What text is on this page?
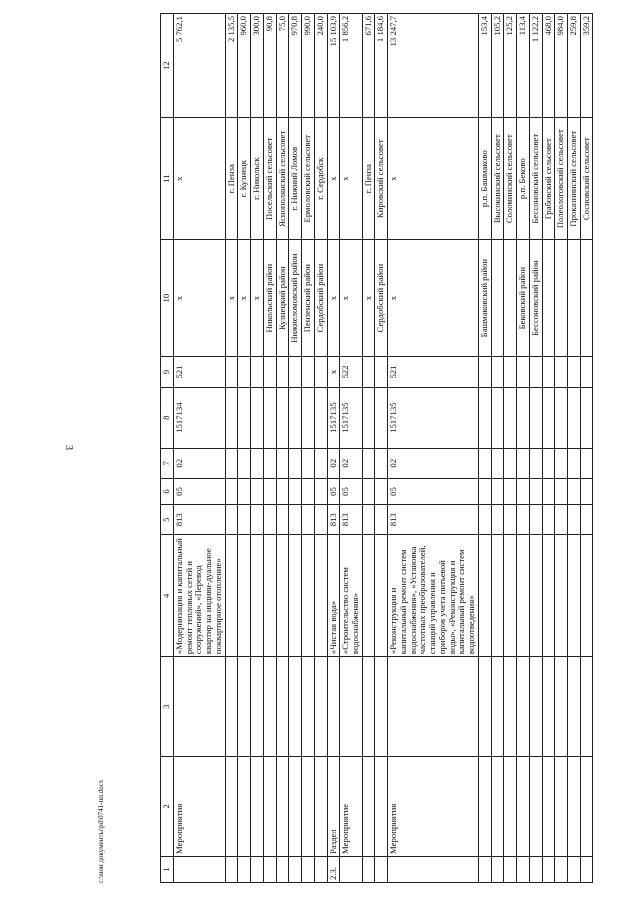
3
c:\мои документы\pd\0741-пп.docx	1	2	3	4	5	6	7	8	9	10	11	12
	Мероприятия		«Модернизация и капитальный ремонт тепловых сетей и сооружений», «Перевод квартир на индиви-дуальное поквартирное отопление»	813	05	02	1517134	521	х	х	5 762,1
									х	г. Пенза	2 135,5
									х	г. Кузнецк	960,0
									х	г. Никольск	300,0
									Никольский район	Посельский сельсовет	90,8
									Кузнецкий район	Яснополянский сельсовет	75,0
									Нижнеломовский район	г. Нижний Ломов	970,8
									Пензенский район	Ермоловский сельсовет	990,0
									Сердобский район	г. Сердобск	240,0
2.3.	Раздел		«Чистая вода»	813	05	02	1517135	х	х	х	15 103,9
	Мероприятие		«Строительство систем водоснабжения»	813	05	02	1517135	522	х	х	1 856,2
									х	г. Пенза	671,6
									Сердобский район	Кировский сельсовет	1 184,6
	Мероприятия		«Реконструкция и капитальный ремонт систем водоснабжения», «Установка частотных преобразователей, станций управления и приборов учета питьевой воды», «Реконструкция и капитальный ремонт систем водоотведения»	813	05	02	1517135	521	х	х	13 247,7
									Башмаковский район	р.п. Башмаково	153,4
										Высокинский сельсовет	105,2
										Соломинский сельсовет	125,2
									Бековский район	р.п. Беково	113,4
									Бессоновский район	Бессоновский сельсовет	1 122,2
										Грабовский сельсовет	468,0
										Полеологовский сельсовет	984,0
										Проказнинский сельсовет	259,8
										Сосновский сельсовет	359,2
